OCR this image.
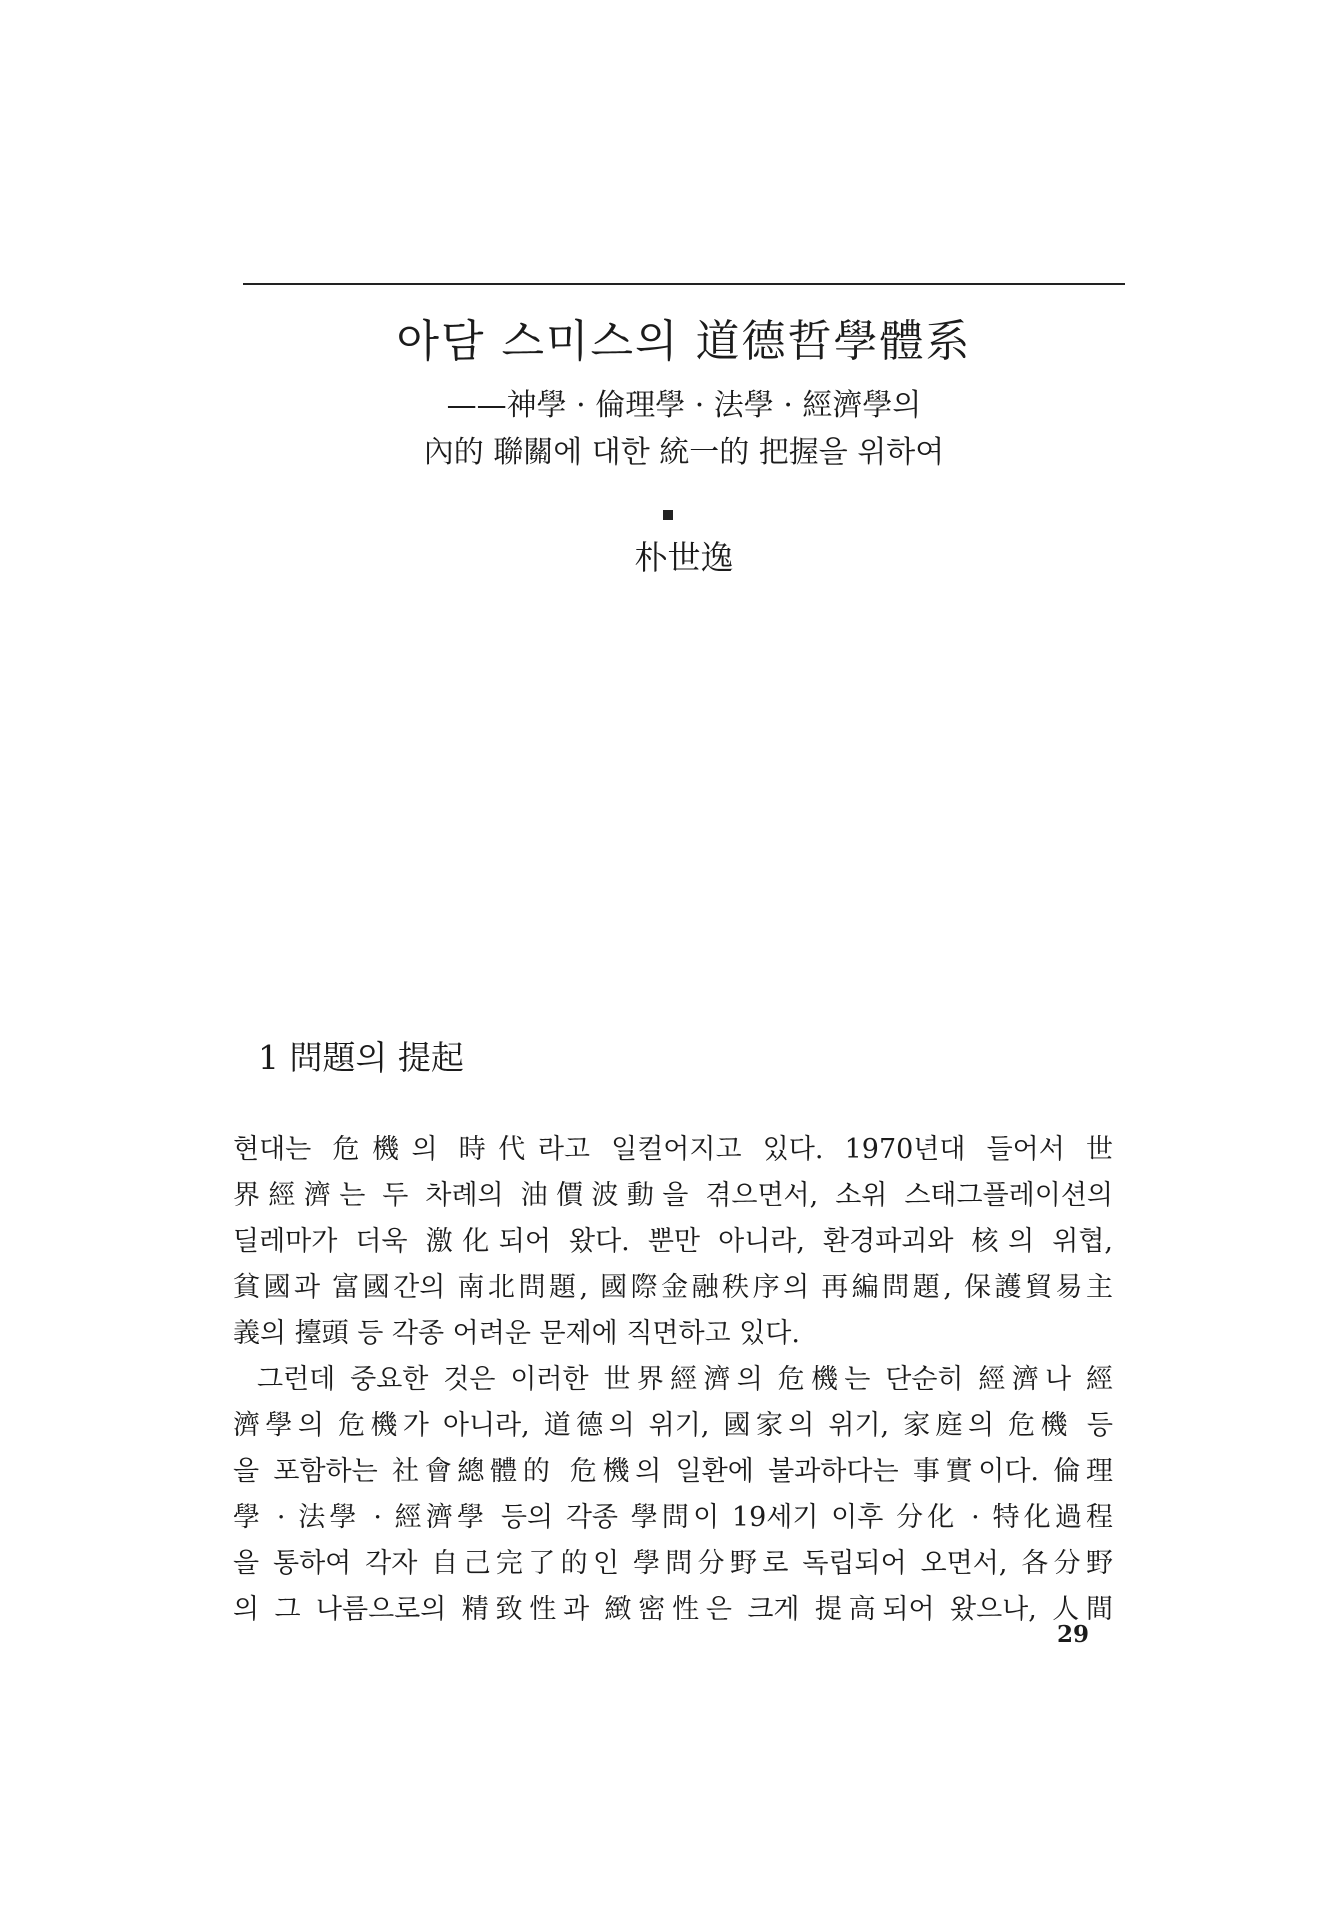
아담 스미스의 道德哲學體系
——神學 · 倫理學 · 法學 · 經濟學의
內的 聯關에 대한 統一的 把握을 위하여
朴世逸
1 問題의 提起
현대는 危機의 時代라고 일컬어지고 있다. 1970년대 들어서 世
界經濟는 두 차례의 油價波動을 겪으면서, 소위 스태그플레이션의
딜레마가 더욱 激化되어 왔다. 뿐만 아니라, 환경파괴와 核의 위협,
貧國과 富國간의 南北問題, 國際金融秩序의 再編問題, 保護貿易主
義의 擡頭 등 각종 어려운 문제에 직면하고 있다.
그런데 중요한 것은 이러한 世界經濟의 危機는 단순히 經濟나 經
濟學의 危機가 아니라, 道德의 위기, 國家의 위기, 家庭의 危機 등
을 포함하는 社會總體的 危機의 일환에 불과하다는 事實이다. 倫理
學 · 法學 · 經濟學 등의 각종 學問이 19세기 이후 分化 · 特化過程
을 통하여 각자 自己完了的인 學問分野로 독립되어 오면서, 各分野
의 그 나름으로의 精致性과 緻密性은 크게 提高되어 왔으나, 人間
29
